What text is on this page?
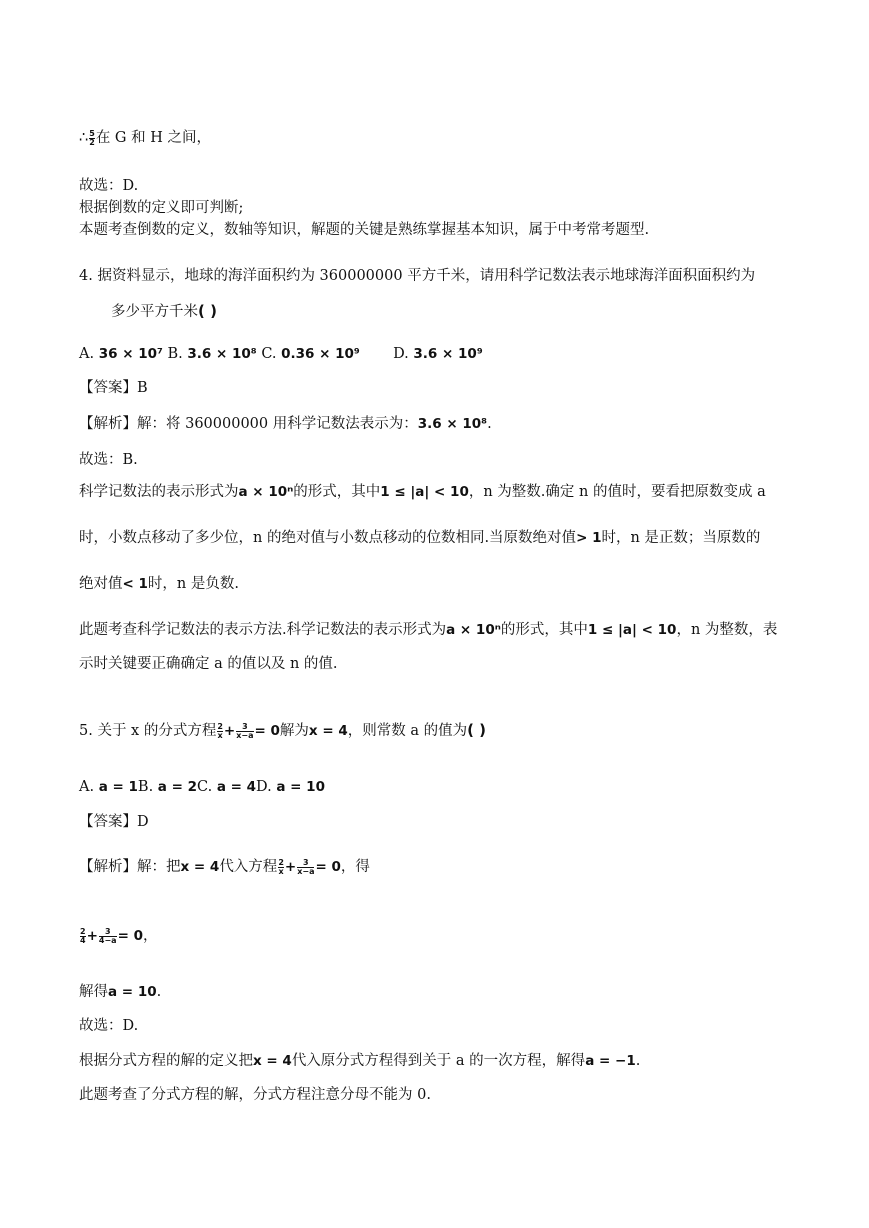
∴ $\frac{5}{2}$ 在 G 和 H 之间，
故选：D.
根据倒数的定义即可判断;
本题考查倒数的定义，数轴等知识，解题的关键是熟练掌握基本知识，属于中考常考题型.
4. 据资料显示，地球的海洋面积约为 360000000 平方千米，请用科学记数法表示地球海洋面积面积约为
多少平方千米( )
A. 36 × 10⁷ B. 3.6 × 10⁸ C. 0.36 × 10⁹ D. 3.6 × 10⁹
【答案】B
【解析】解：将 360000000 用科学记数法表示为：3.6 × 10⁸.
故选：B.
科学记数法的表示形式为a × 10ⁿ的形式，其中1 ≤ |a| < 10，n 为整数.确定 n 的值时，要看把原数变成 a
时，小数点移动了多少位，n 的绝对值与小数点移动的位数相同.当原数绝对值> 1时，n 是正数；当原数的
绝对值< 1时，n 是负数.
此题考查科学记数法的表示方法.科学记数法的表示形式为a × 10ⁿ的形式，其中1 ≤ |a| < 10，n 为整数，表
示时关键要正确确定 a 的值以及 n 的值.
5. 关于 x 的分式方程 $\frac{2}{x} + \frac{3}{x-a} = 0$解为x = 4，则常数 a 的值为( )
A. a = 1B. a = 2C. a = 4D. a = 10
【答案】D
【解析】解：把x = 4代入方程 $\frac{2}{x} + \frac{3}{x-a} = 0$，得
$\frac{2}{4} + \frac{3}{4-a} = 0$，
解得a = 10.
故选：D.
根据分式方程的解的定义把x = 4代入原分式方程得到关于 a 的一次方程，解得a = −1.
此题考查了分式方程的解，分式方程注意分母不能为 0.
